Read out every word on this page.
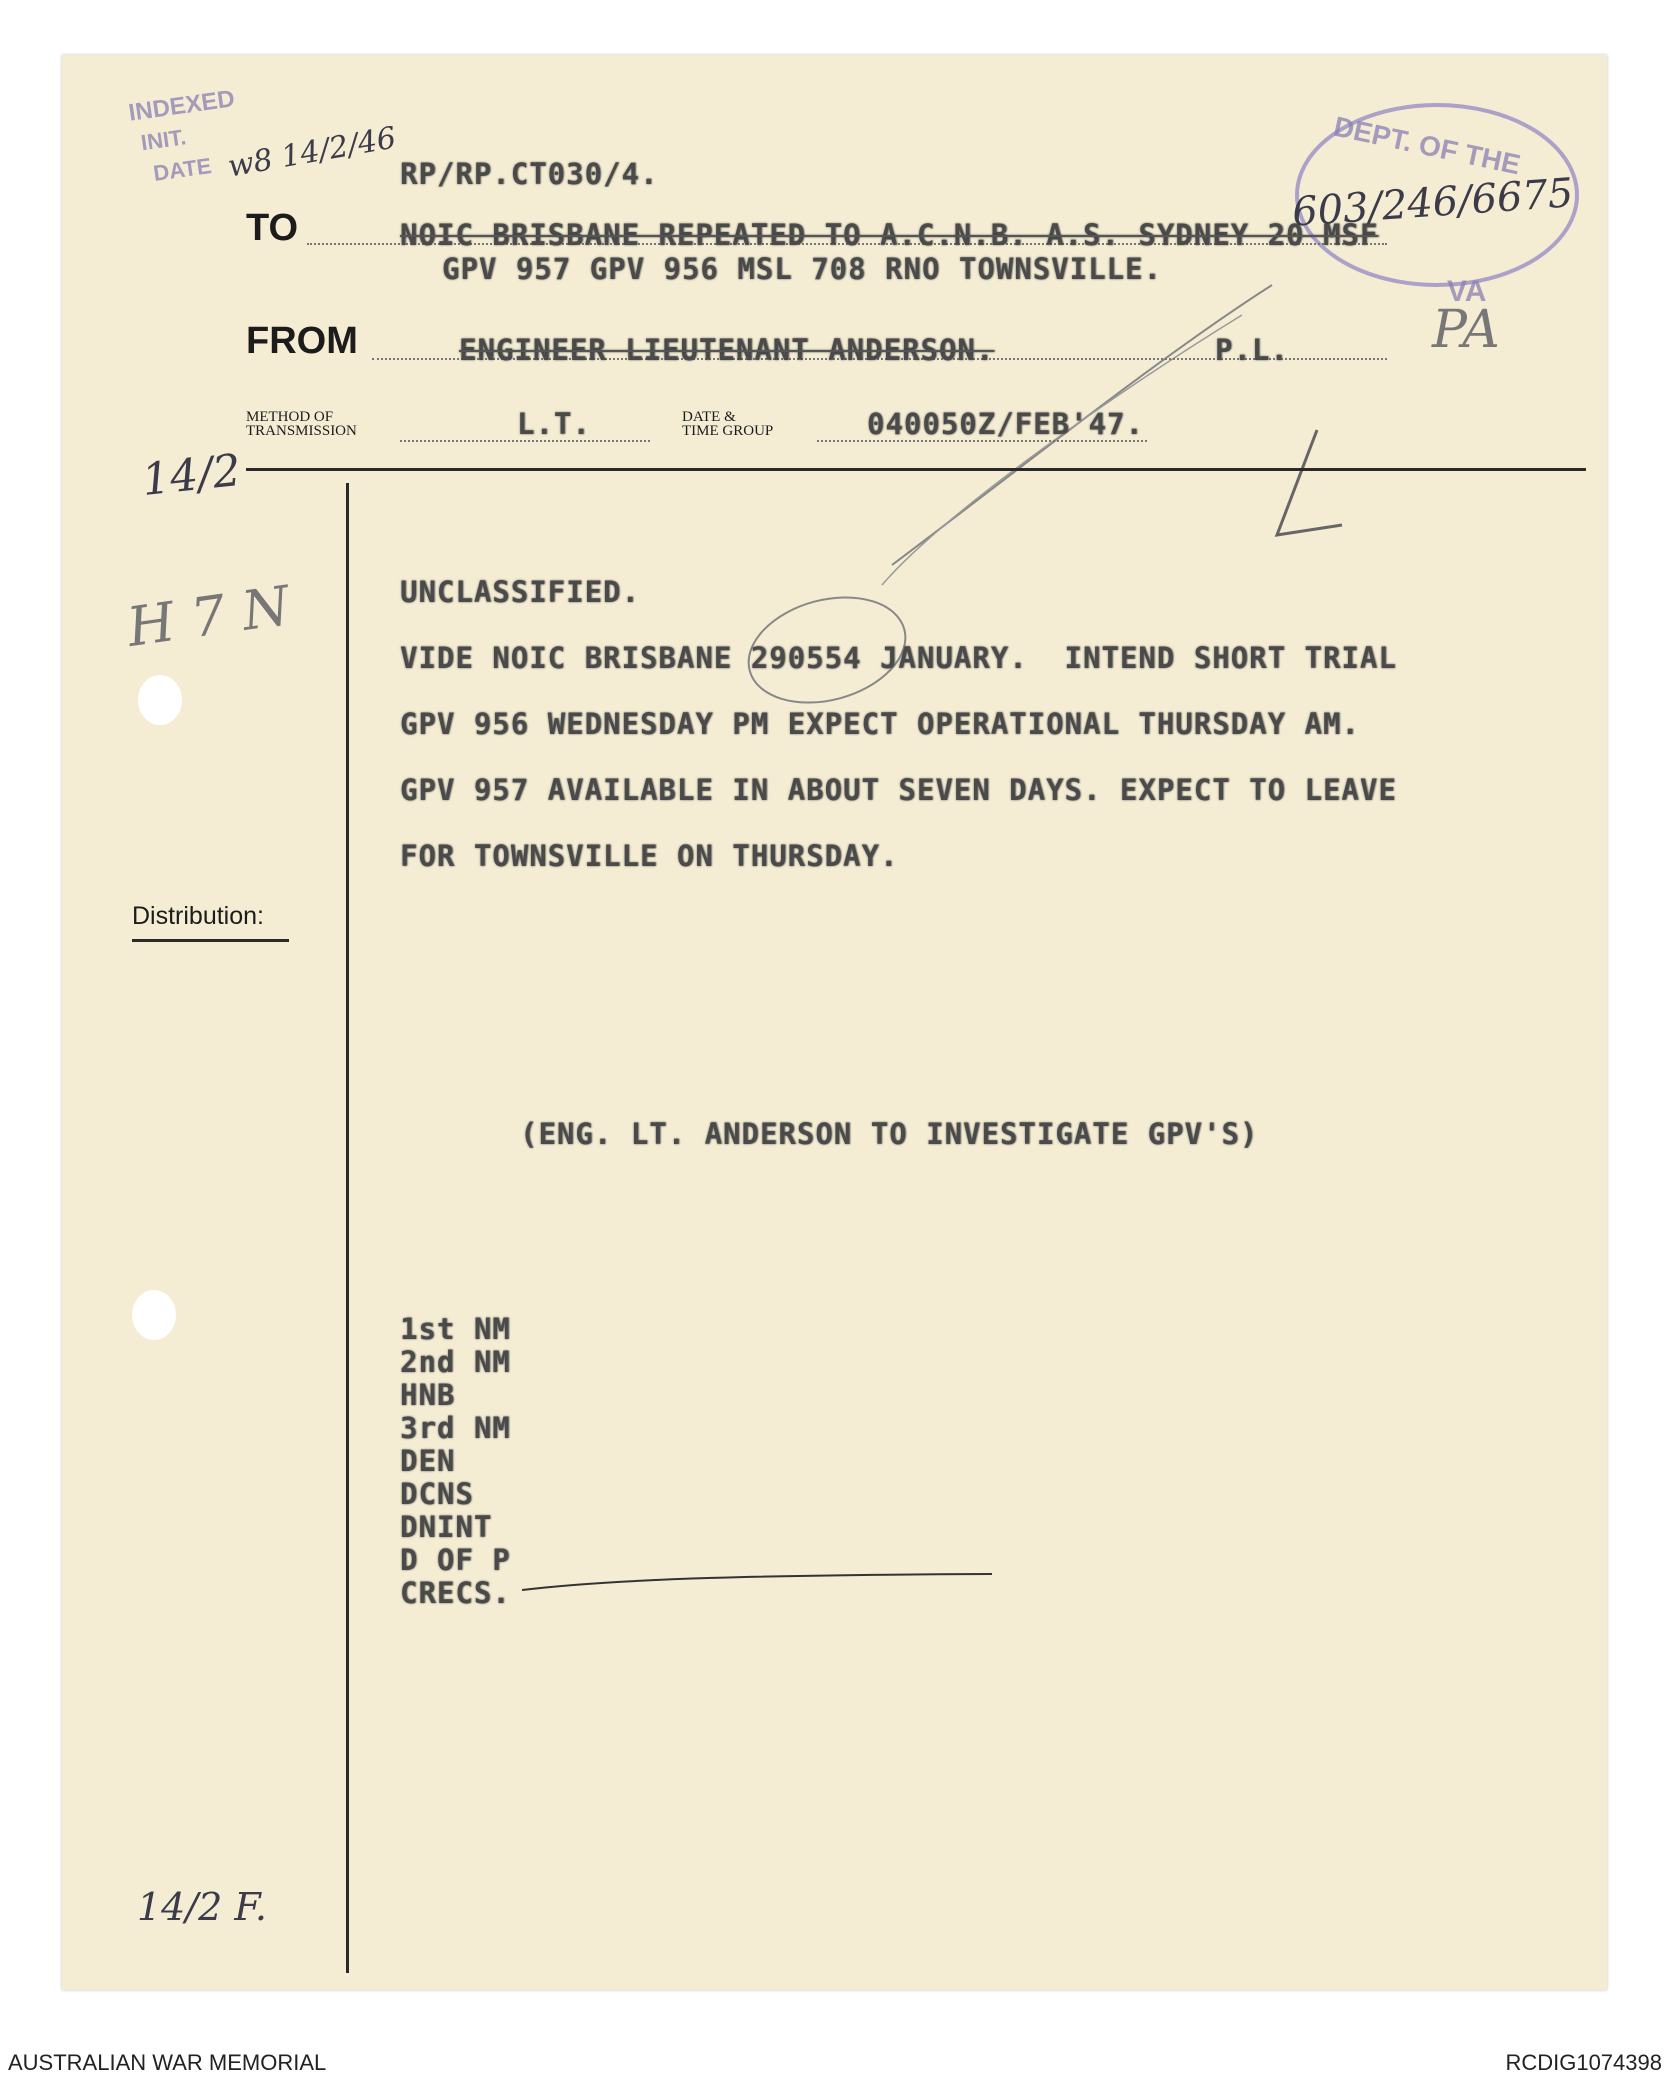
INDEXED
INIT.
DATE w8 14/2/46	DEPT. OF THE
VA
603/246/6675
PA
RP/RP.CT030/4.
TO	NOIC BRISBANE REPEATED TO A.C.N.B. A.S. SYDNEY 20 MSF
GPV 957 GPV 956 MSL 708 RNO TOWNSVILLE.
FROM	ENGINEER LIEUTENANT ANDERSON.	P.L.
METHOD OF
TRANSMISSION	L.T.	DATE &
TIME GROUP	040050Z/FEB'47.
14/2
H 7 N	UNCLASSIFIED.
VIDE NOIC BRISBANE 290554 JANUARY.  INTEND SHORT TRIAL
GPV 956 WEDNESDAY PM EXPECT OPERATIONAL THURSDAY AM.
GPV 957 AVAILABLE IN ABOUT SEVEN DAYS. EXPECT TO LEAVE
FOR TOWNSVILLE ON THURSDAY.
Distribution:
(ENG. LT. ANDERSON TO INVESTIGATE GPV'S)
1st NM
2nd NM
HNB
3rd NM
DEN
DCNS
DNINT
D OF P
CRECS.
14/2 F.
AUSTRALIAN WAR MEMORIAL	RCDIG1074398
